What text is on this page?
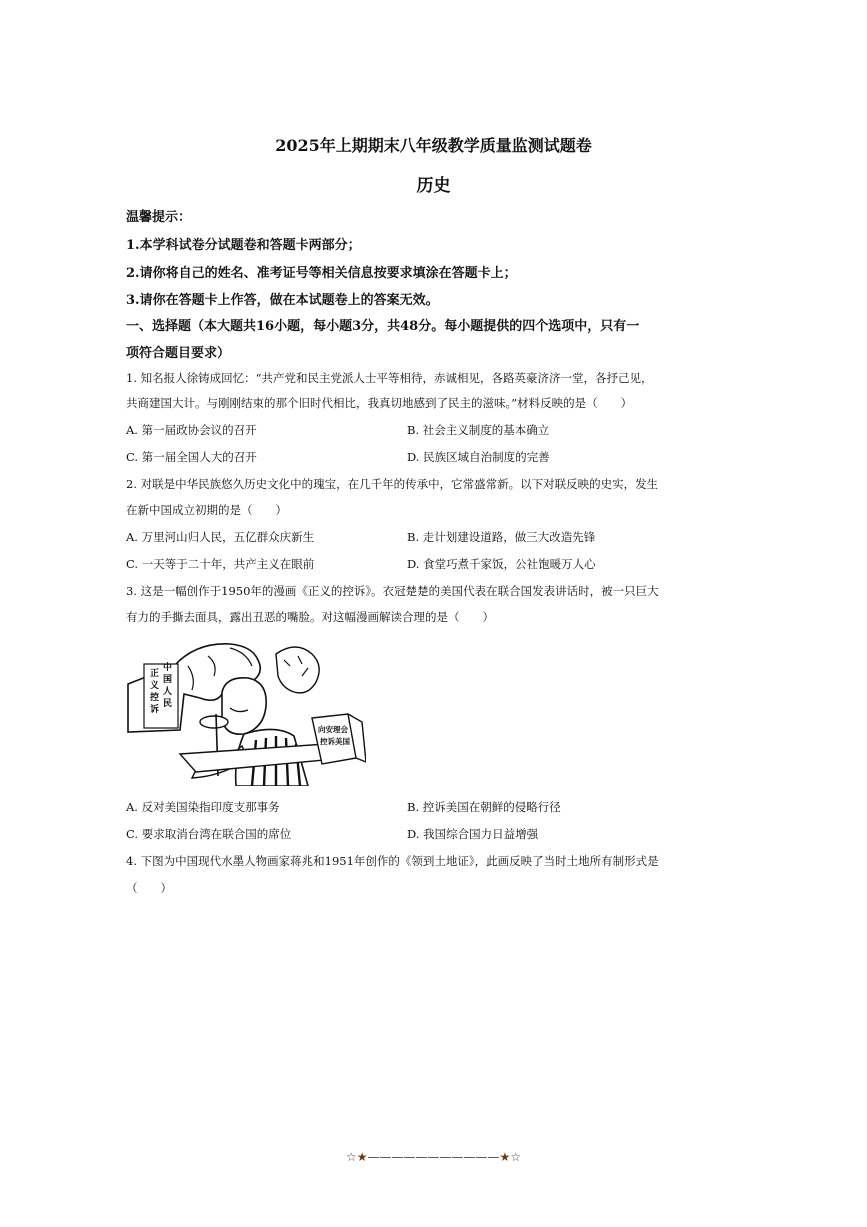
2025年上期期末八年级教学质量监测试题卷
历史
温馨提示：
1.本学科试卷分试题卷和答题卡两部分；
2.请你将自己的姓名、准考证号等相关信息按要求填涂在答题卡上；
3.请你在答题卡上作答，做在本试题卷上的答案无效。
一、选择题（本大题共16小题，每小题3分，共48分。每小题提供的四个选项中，只有一
项符合题目要求）
1. 知名报人徐铸成回忆：“共产党和民主党派人士平等相待，赤诚相见，各路英豪济济一堂，各抒己见，
共商建国大计。与刚刚结束的那个旧时代相比，我真切地感到了民主的滋味。”材料反映的是（　　）
A. 第一届政协会议的召开	B. 社会主义制度的基本确立
C. 第一届全国人大的召开	D. 民族区域自治制度的完善
2. 对联是中华民族悠久历史文化中的瑰宝，在几千年的传承中，它常盛常新。以下对联反映的史实，发生
在新中国成立初期的是（　　）
A. 万里河山归人民，五亿群众庆新生	B. 走计划建设道路，做三大改造先锋
C. 一天等于二十年，共产主义在眼前	D. 食堂巧煮千家饭，公社饱暖万人心
3. 这是一幅创作于1950年的漫画《正义的控诉》。衣冠楚楚的美国代表在联合国发表讲话时，被一只巨大
有力的手撕去面具，露出丑恶的嘴脸。对这幅漫画解读合理的是（　　）
正
义
控
诉
中
国
人
民
向安理会
控诉美国
A. 反对美国染指印度支那事务	B. 控诉美国在朝鲜的侵略行径
C. 要求取消台湾在联合国的席位	D. 我国综合国力日益增强
4. 下图为中国现代水墨人物画家蒋兆和1951年创作的《领到土地证》，此画反映了当时土地所有制形式是
（　　）
☆★———————————★☆
